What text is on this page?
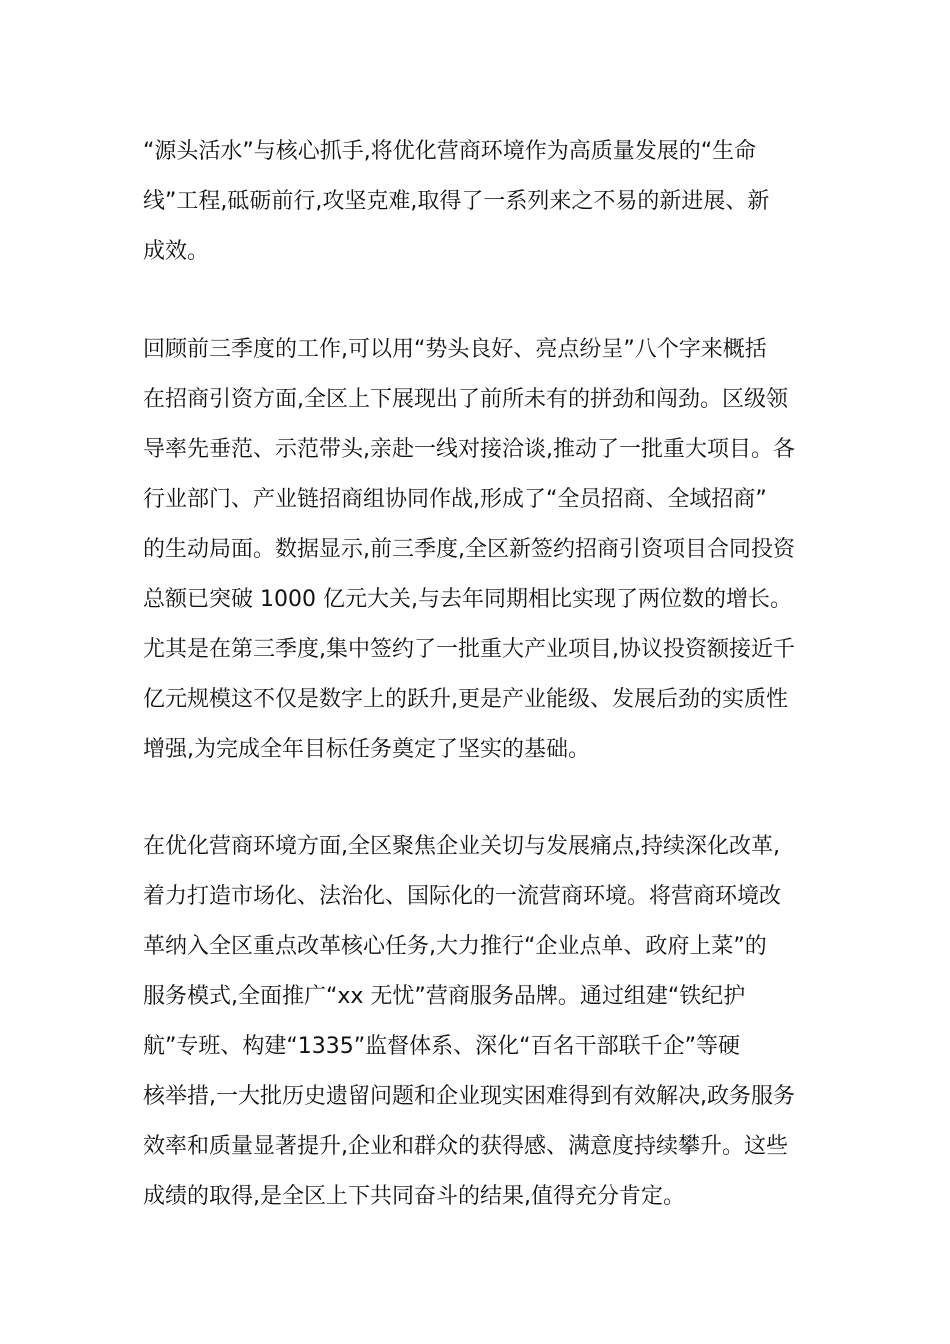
“源头活水”与核心抓手,将优化营商环境作为高质量发展的“生命
线”工程,砥砺前行,攻坚克难,取得了一系列来之不易的新进展、新
成效。

回顾前三季度的工作,可以用“势头良好、亮点纷呈”八个字来概括
在招商引资方面,全区上下展现出了前所未有的拼劲和闯劲。区级领
导率先垂范、示范带头,亲赴一线对接洽谈,推动了一批重大项目。各
行业部门、产业链招商组协同作战,形成了“全员招商、全域招商”
的生动局面。数据显示,前三季度,全区新签约招商引资项目合同投资
总额已突破 1000 亿元大关,与去年同期相比实现了两位数的增长。
尤其是在第三季度,集中签约了一批重大产业项目,协议投资额接近千
亿元规模这不仅是数字上的跃升,更是产业能级、发展后劲的实质性
增强,为完成全年目标任务奠定了坚实的基础。

在优化营商环境方面,全区聚焦企业关切与发展痛点,持续深化改革,
着力打造市场化、法治化、国际化的一流营商环境。将营商环境改
革纳入全区重点改革核心任务,大力推行“企业点单、政府上菜”的
服务模式,全面推广“xx 无忧”营商服务品牌。通过组建“铁纪护
航”专班、构建“1335”监督体系、深化“百名干部联千企”等硬
核举措,一大批历史遗留问题和企业现实困难得到有效解决,政务服务
效率和质量显著提升,企业和群众的获得感、满意度持续攀升。这些
成绩的取得,是全区上下共同奋斗的结果,值得充分肯定。
